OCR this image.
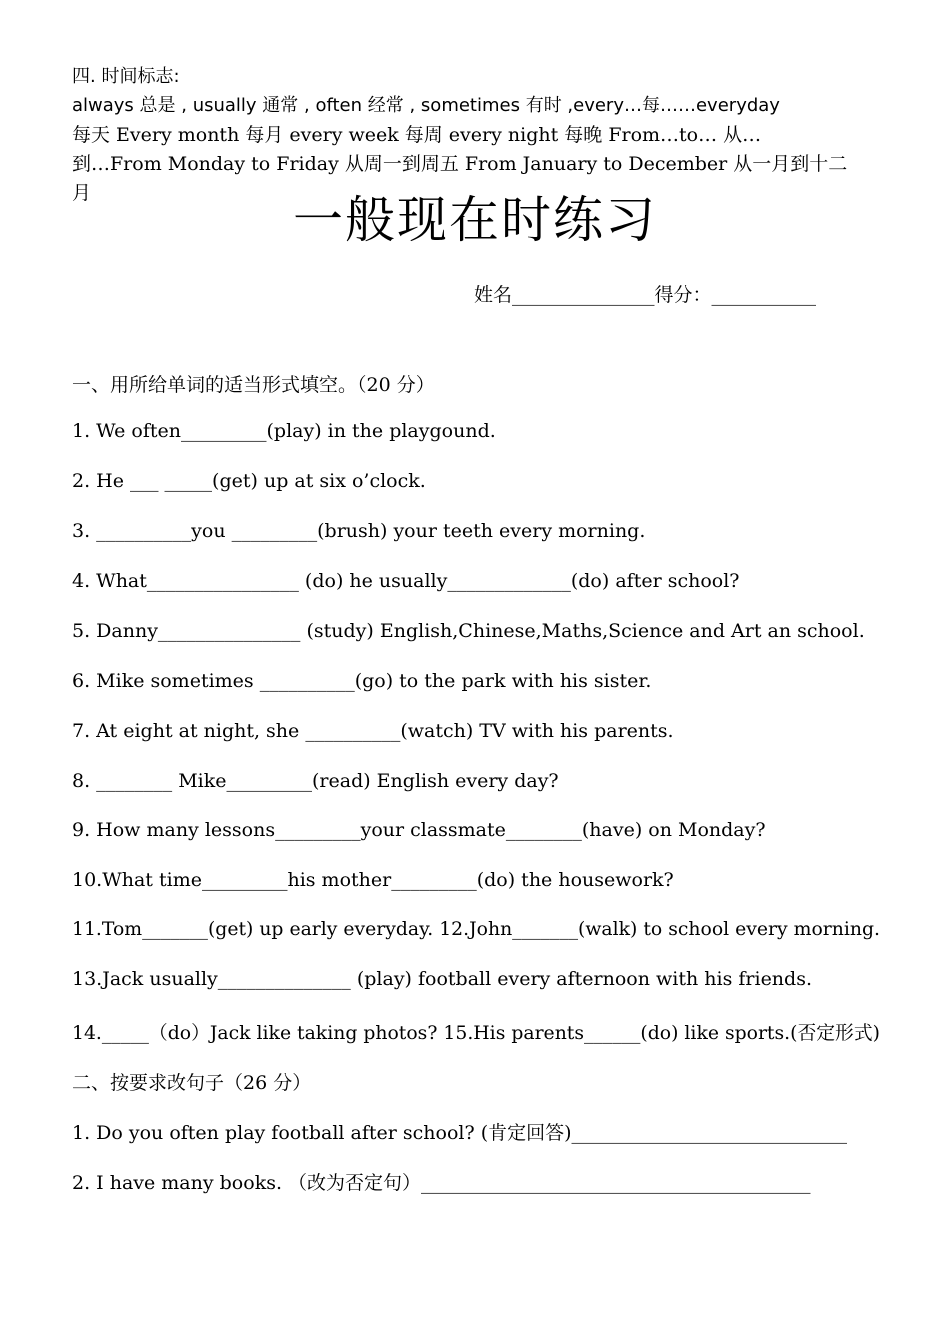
四. 时间标志:
always 总是 , usually 通常 , often 经常 , sometimes 有时 ,every…每……everyday
每天 Every month 每月 every week 每周 every night 每晚 From…to… 从…
到…From Monday to Friday 从周一到周五 From January to December 从一月到十二
月	一般现在时练习
姓名_______________得分：___________
一、用所给单词的适当形式填空。（20 分）
1. We often_________(play) in the playgound.
2. He ___ _____(get) up at six o’clock.
3. __________you _________(brush) your teeth every morning.
4. What________________ (do) he usually_____________(do) after school?
5. Danny_______________ (study) English,Chinese,Maths,Science and Art an school.
6. Mike sometimes __________(go) to the park with his sister.
7. At eight at night, she __________(watch) TV with his parents.
8. ________ Mike_________(read) English every day?
9. How many lessons_________your classmate________(have) on Monday?
10.What time_________his mother_________(do) the housework?
11.Tom_______(get) up early everyday. 12.John_______(walk) to school every morning.
13.Jack usually______________ (play) football every afternoon with his friends.
14._____（do）Jack like taking photos? 15.His parents______(do) like sports.(否定形式)
二、按要求改句子（26 分）
1. Do you often play football after school? (肯定回答)_____________________________
2. I have many books. （改为否定句）_________________________________________
